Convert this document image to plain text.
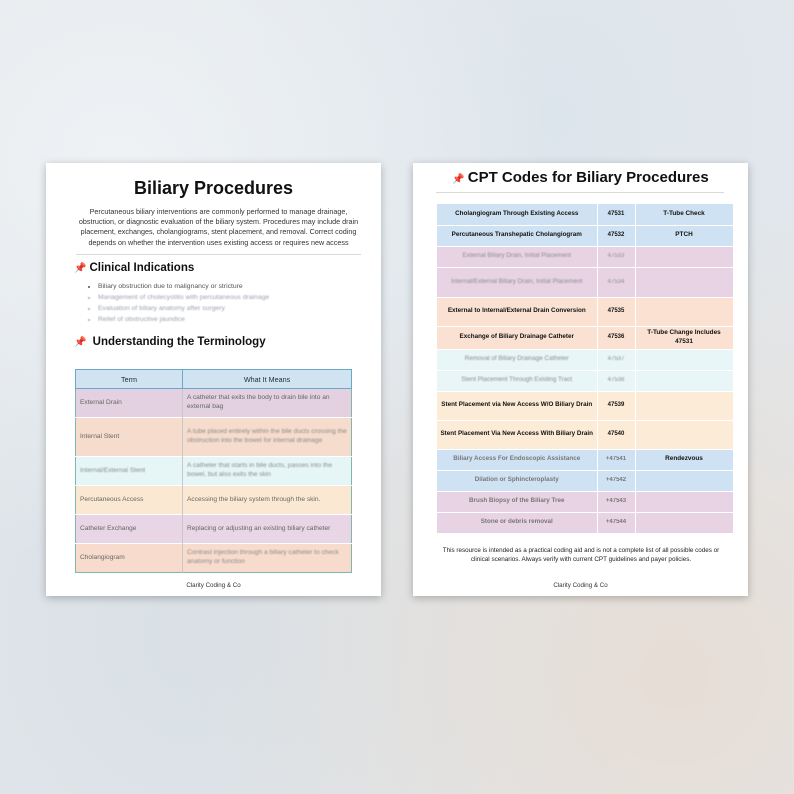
Biliary Procedures
Percutaneous biliary interventions are commonly performed to manage drainage, obstruction, or diagnostic evaluation of the biliary system. Procedures may include drain placement, exchanges, cholangiograms, stent placement, and removal. Correct coding depends on whether the intervention uses existing access or requires new access
📌 Clinical Indications
• Biliary obstruction due to malignancy or stricture
• Management of cholecystitis with percutaneous drainage
• Evaluation of biliary anatomy after surgery
• Relief of obstructive jaundice
📌 Understanding the Terminology
Term	What It Means
External Drain	A catheter that exits the body to drain bile into an external bag
Internal Stent	A tube placed entirely within the bile ducts crossing the obstruction into the bowel for internal drainage
Internal/External Stent	A catheter that starts in bile ducts, passes into the bowel, but also exits the skin
Percutaneous Access	Accessing the biliary system through the skin.
Catheter Exchange	Replacing or adjusting an existing biliary catheter
Cholangiogram	Contrast injection through a biliary catheter to check anatomy or function
Clarity Coding & Co
📌 CPT Codes for Biliary Procedures
Cholangiogram Through Existing Access	47531	T-Tube Check
Percutaneous Transhepatic Cholangiogram	47532	PTCH
External Biliary Drain, Initial Placement	47533	
Internal/External Biliary Drain, Initial Placement	47534	
External to Internal/External Drain Conversion	47535	
Exchange of Biliary Drainage Catheter	47536	T-Tube Change Includes 47531
Removal of Biliary Drainage Catheter	47537	
Stent Placement Through Existing Tract	47538	
Stent Placement via New Access W/O Biliary Drain	47539	
Stent Placement Via New Access With Biliary Drain	47540	
Biliary Access For Endoscopic Assistance	+47541	Rendezvous
Dilation or Sphincteroplasty	+47542	
Brush Biopsy of the Biliary Tree	+47543	
Stone or debris removal	+47544	
This resource is intended as a practical coding aid and is not a complete list of all possible codes or clinical scenarios. Always verify with current CPT guidelines and payer policies.
Clarity Coding & Co
